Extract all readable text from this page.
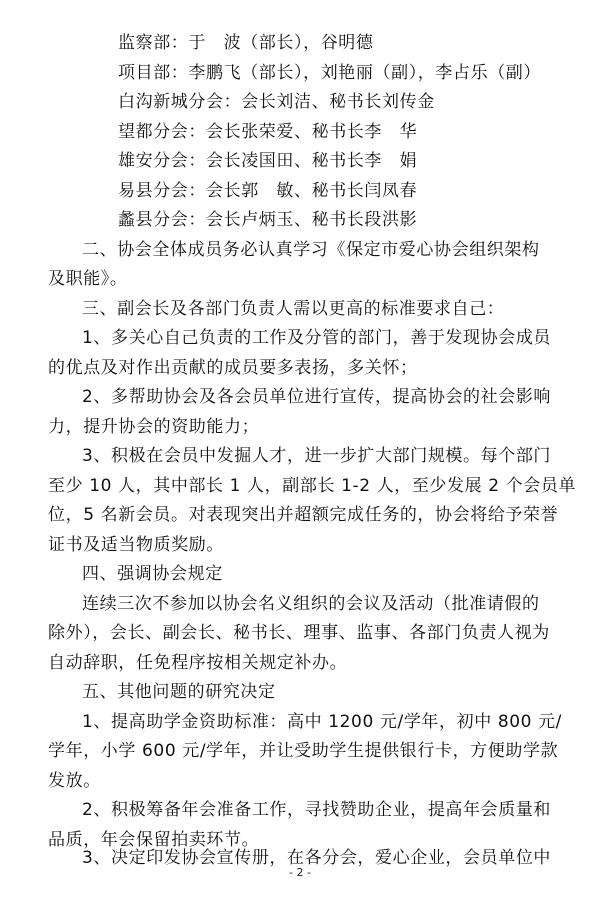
监察部：于　波（部长），谷明德
项目部：李鹏飞（部长），刘艳丽（副），李占乐（副）
白沟新城分会：会长刘洁、秘书长刘传金
望都分会：会长张荣爱、秘书长李　华
雄安分会：会长凌国田、秘书长李　娟
易县分会：会长郭　敏、秘书长闫凤春
蠡县分会：会长卢炳玉、秘书长段洪影
二、协会全体成员务必认真学习《保定市爱心协会组织架构
及职能》。
三、副会长及各部门负责人需以更高的标准要求自己：
1、多关心自己负责的工作及分管的部门，善于发现协会成员
的优点及对作出贡献的成员要多表扬，多关怀；
2、多帮助协会及各会员单位进行宣传，提高协会的社会影响
力，提升协会的资助能力；
3、积极在会员中发掘人才，进一步扩大部门规模。每个部门
至少 10 人，其中部长 1 人，副部长 1-2 人，至少发展 2 个会员单
位，5 名新会员。对表现突出并超额完成任务的，协会将给予荣誉
证书及适当物质奖励。
四、强调协会规定
连续三次不参加以协会名义组织的会议及活动（批准请假的
除外），会长、副会长、秘书长、理事、监事、各部门负责人视为
自动辞职，任免程序按相关规定补办。
五、其他问题的研究决定
1、提高助学金资助标准：高中 1200 元/学年，初中 800 元/
学年，小学 600 元/学年，并让受助学生提供银行卡，方便助学款
发放。
2、积极筹备年会准备工作，寻找赞助企业，提高年会质量和
品质，年会保留拍卖环节。
3、决定印发协会宣传册，在各分会，爱心企业，会员单位中
- 2 -
